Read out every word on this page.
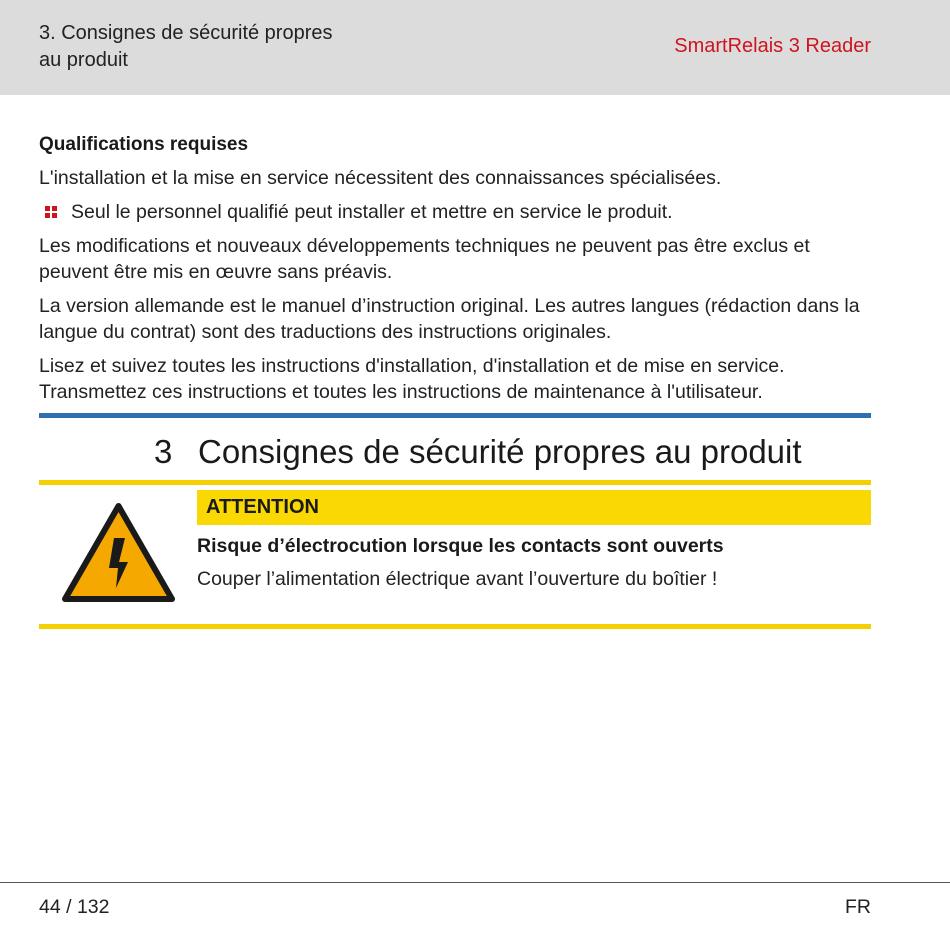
3. Consignes de sécurité propres
au produit
SmartRelais 3 Reader
Qualifications requises

L'installation et la mise en service nécessitent des connaissances spécialisées.

Seul le personnel qualifié peut installer et mettre en service le produit.

Les modifications et nouveaux développements techniques ne peuvent pas être exclus et peuvent être mis en œuvre sans préavis.

La version allemande est le manuel d’instruction original. Les autres langues (rédaction dans la langue du contrat) sont des traductions des instructions originales.

Lisez et suivez toutes les instructions d'installation, d'installation et de mise en service. Transmettez ces instructions et toutes les instructions de maintenance à l'utilisateur.

3 Consignes de sécurité propres au produit
ATTENTION
Risque d’électrocution lorsque les contacts sont ouverts
Couper l’alimentation électrique avant l’ouverture du boîtier !
44 / 132	FR
